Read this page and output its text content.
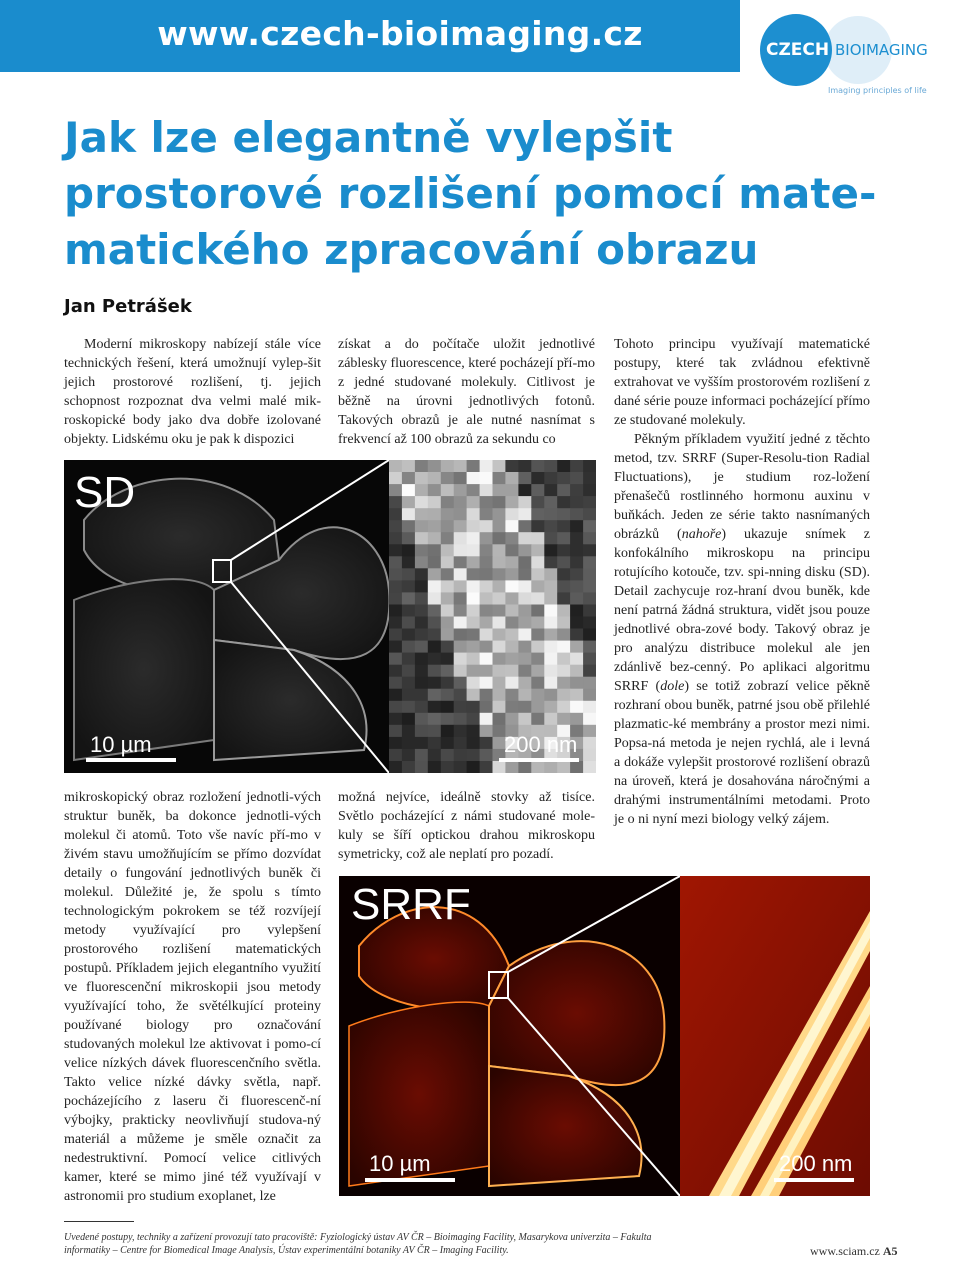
www.czech-bioimaging.cz	CZECH BIOIMAGING
Imaging principles of life
Jak lze elegantně vylepšit prostorové rozlišení pomocí mate-matického zpracování obrazu
Jan Petrášek

Moderní mikroskopy nabízejí stále více technických řešení, která umožnují vylep-šit jejich prostorové rozlišení, tj. jejich schopnost rozpoznat dva velmi malé mik-roskopické body jako dva dobře izolované objekty. Lidskému oku je pak k dispozici

získat a do počítače uložit jednotlivé záblesky fluorescence, které pocházejí pří-mo z jedné studované molekuly. Citlivost je běžně na úrovni jednotlivých fotonů. Takových obrazů je ale nutné nasnímat s frekvencí až 100 obrazů za sekundu co

Tohoto principu využívají matematické postupy, které tak zvládnou efektivně extrahovat ve vyšším prostorovém rozlišení z dané série pouze informaci pocházející přímo ze studované molekuly.

Pěkným příkladem využití jedné z těchto metod, tzv. SRRF (Super-Resolu-tion Radial Fluctuations), je studium roz-ložení přenašečů rostlinného hormonu auxinu v buňkách. Jeden ze série takto nasnímaných obrázků (nahoře) ukazuje snímek z konfokálního mikroskopu na principu rotujícího kotouče, tzv. spi-nning disku (SD). Detail zachycuje roz-hraní dvou buněk, kde není patrná žádná struktura, vidět jsou pouze jednotlivé obra-zové body. Takový obraz je pro analýzu distribuce molekul ale jen zdánlivě bez-cenný. Po aplikaci algoritmu SRRF (dole) se totiž zobrazí velice pěkně rozhraní obou buněk, patrné jsou obě přilehlé plazmatic-ké membrány a prostor mezi nimi. Popsa-ná metoda je nejen rychlá, ale i levná a dokáže vylepšit prostorové rozlišení obrazů na úroveň, která je dosahována náročnými a drahými instrumentálními metodami. Proto je o ni nyní mezi biology velký zájem.

SD
10 µm	200 nm

mikroskopický obraz rozložení jednotli-vých struktur buněk, ba dokonce jednotli-vých molekul či atomů. Toto vše navíc pří-mo v živém stavu umožňujícím se přímo dozvídat detaily o fungování jednotlivých buněk či molekul. Důležité je, že spolu s tímto technologickým pokrokem se též rozvíjejí metody využívající pro vylepšení prostorového rozlišení matematických postupů. Příkladem jejich elegantního využití ve fluorescenční mikroskopii jsou metody využívající toho, že světélkující proteiny používané biology pro označování studovaných molekul lze aktivovat i pomo-cí velice nízkých dávek fluorescenčního světla. Takto velice nízké dávky světla, např. pocházejícího z laseru či fluorescenč-ní výbojky, prakticky neovlivňují studova-ný materiál a můžeme je směle označit za nedestruktivní. Pomocí velice citlivých kamer, které se mimo jiné též využívají v astronomii pro studium exoplanet, lze

možná nejvíce, ideálně stovky až tisíce. Světlo pocházející z námi studované mole-kuly se šíří optickou drahou mikroskopu symetricky, což ale neplatí pro pozadí.

SRRF
10 µm	200 nm
Uvedené postupy, techniky a zařízení provozují tato pracoviště: Fyziologický ústav AV ČR – Bioimaging Facility, Masarykova univerzita – Fakulta informatiky – Centre for Biomedical Image Analysis, Ústav experimentální botaniky AV ČR – Imaging Facility.	www.sciam.cz A5
